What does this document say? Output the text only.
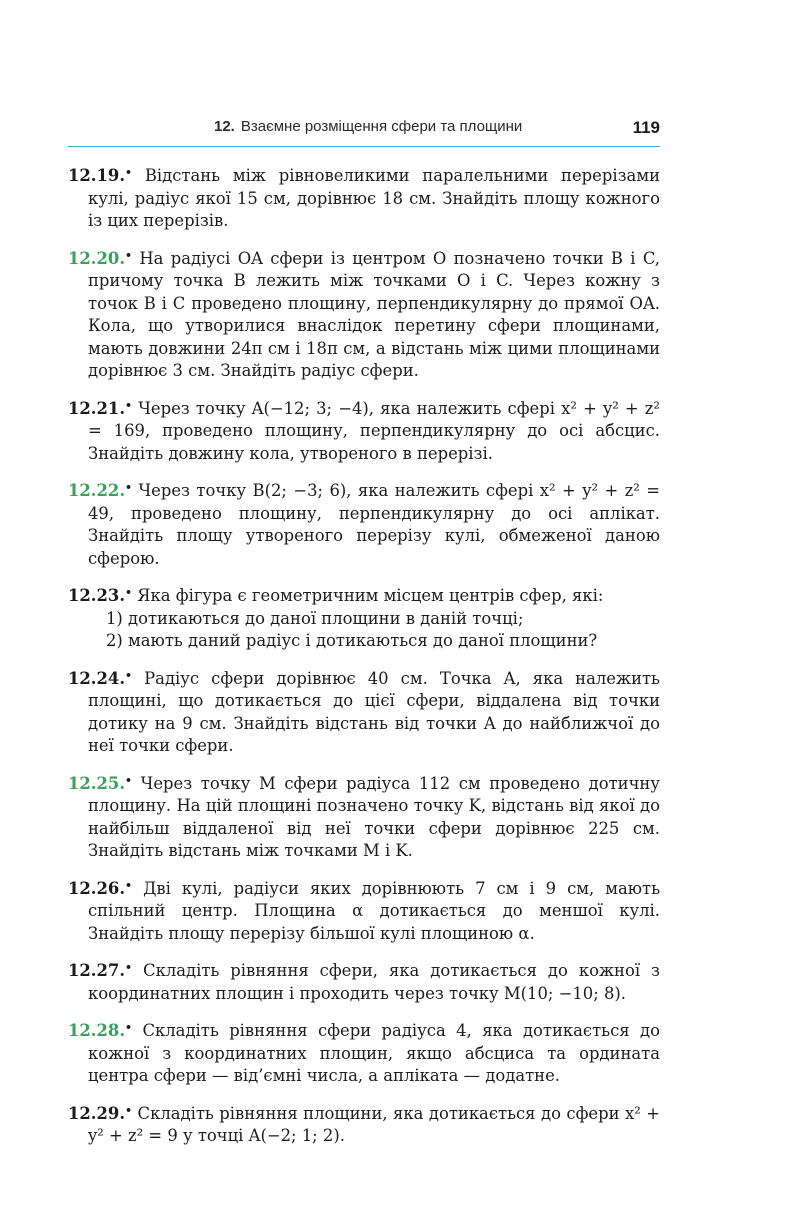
12. Взаємне розміщення сфери та площини	119

12.19.• Відстань між рівновеликими паралельними перерізами кулі, радіус якої 15 см, дорівнює 18 см. Знайдіть площу кожного із цих перерізів.

12.20.• На радіусі OA сфери із центром O позначено точки B і C, причому точка B лежить між точками O і C. Через кожну з точок B і C проведено площину, перпендикулярну до прямої OA. Кола, що утворилися внаслідок перетину сфери площинами, мають довжини 24π см і 18π см, а відстань між цими площинами дорівнює 3 см. Знайдіть радіус сфери.

12.21.• Через точку A(−12; 3; −4), яка належить сфері x² + y² + z² = 169, проведено площину, перпендикулярну до осі абсцис. Знайдіть довжину кола, утвореного в перерізі.

12.22.• Через точку B(2; −3; 6), яка належить сфері x² + y² + z² = 49, проведено площину, перпендикулярну до осі аплікат. Знайдіть площу утвореного перерізу кулі, обмеженої даною сферою.

12.23.• Яка фігура є геометричним місцем центрів сфер, які:
1) дотикаються до даної площини в даній точці;
2) мають даний радіус і дотикаються до даної площини?

12.24.• Радіус сфери дорівнює 40 см. Точка A, яка належить площині, що дотикається до цієї сфери, віддалена від точки дотику на 9 см. Знайдіть відстань від точки A до найближчої до неї точки сфери.

12.25.• Через точку M сфери радіуса 112 см проведено дотичну площину. На цій площині позначено точку K, відстань від якої до найбільш віддаленої від неї точки сфери дорівнює 225 см. Знайдіть відстань між точками M і K.

12.26.• Дві кулі, радіуси яких дорівнюють 7 см і 9 см, мають спільний центр. Площина α дотикається до меншої кулі. Знайдіть площу перерізу більшої кулі площиною α.

12.27.• Складіть рівняння сфери, яка дотикається до кожної з координатних площин і проходить через точку M(10; −10; 8).

12.28.• Складіть рівняння сфери радіуса 4, яка дотикається до кожної з координатних площин, якщо абсциса та ордината центра сфери — від’ємні числа, а апліката — додатне.

12.29.• Складіть рівняння площини, яка дотикається до сфери x² + y² + z² = 9 у точці A(−2; 1; 2).
